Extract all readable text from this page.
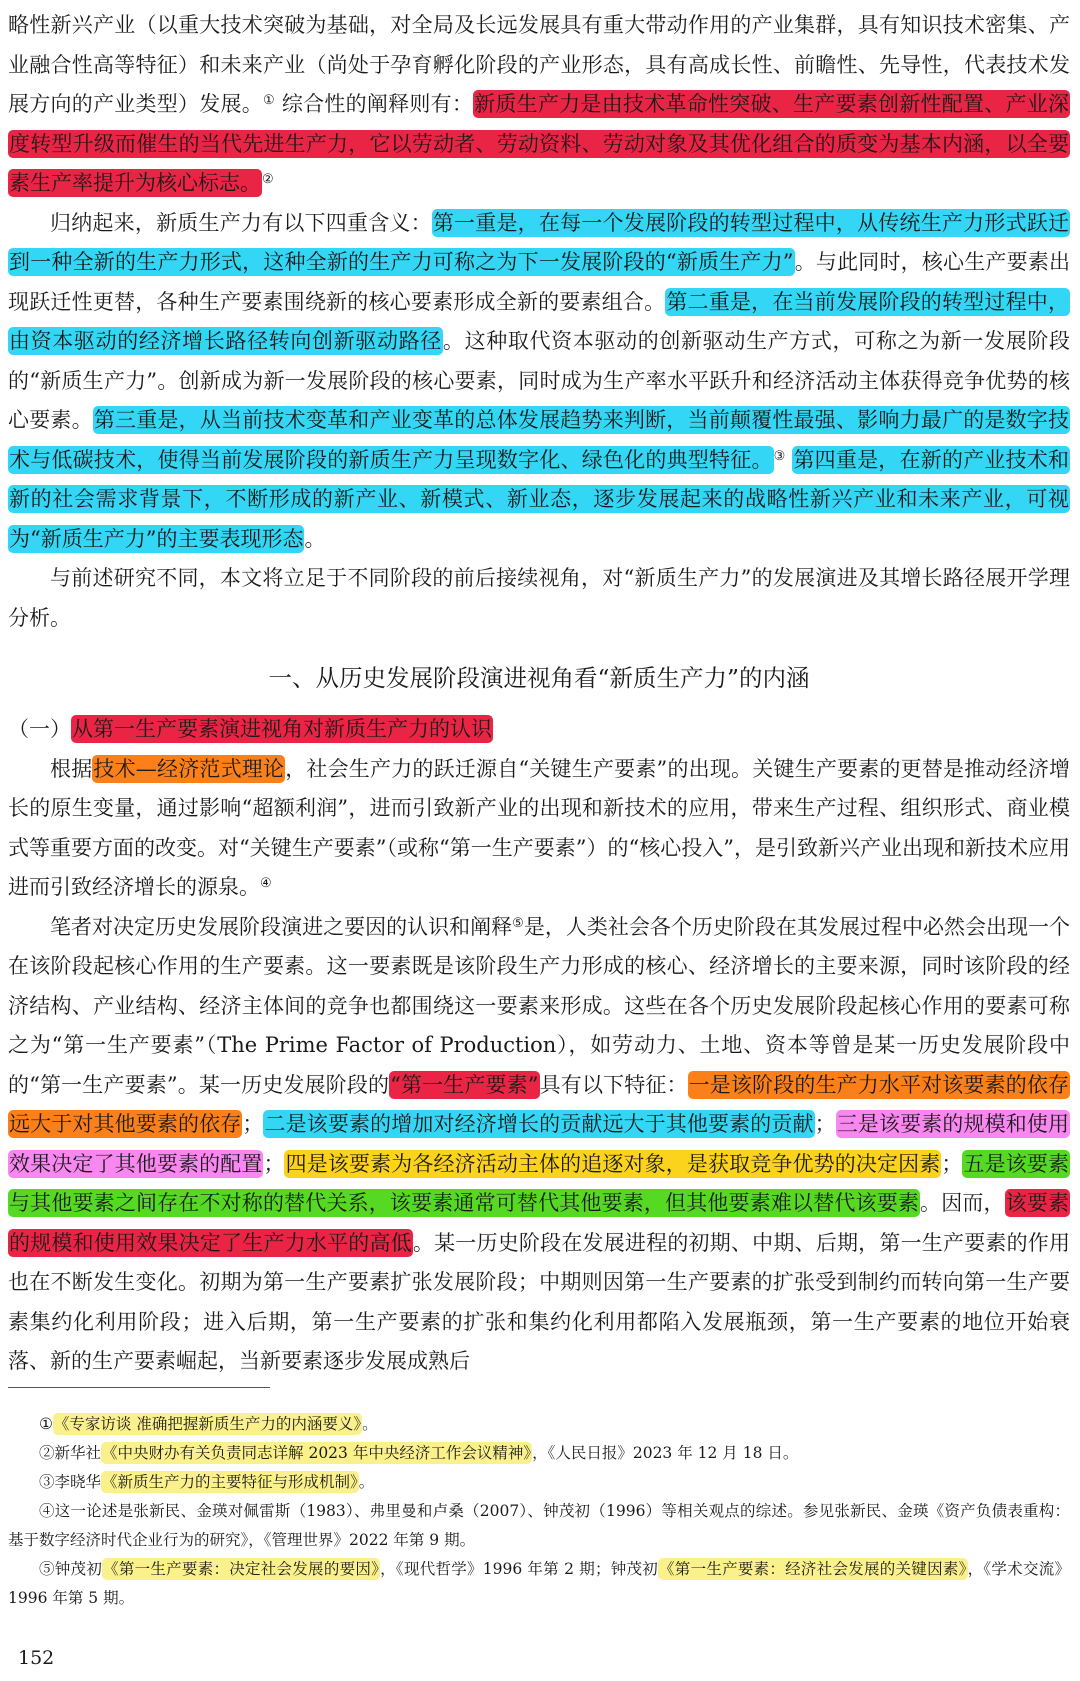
略性新兴产业（以重大技术突破为基础，对全局及长远发展具有重大带动作用的产业集群，具有知识技术密集、产业融合性高等特征）和未来产业（尚处于孕育孵化阶段的产业形态，具有高成长性、前瞻性、先导性，代表技术发展方向的产业类型）发展。① 综合性的阐释则有：新质生产力是由技术革命性突破、生产要素创新性配置、产业深度转型升级而催生的当代先进生产力，它以劳动者、劳动资料、劳动对象及其优化组合的质变为基本内涵，以全要素生产率提升为核心标志。②

归纳起来，新质生产力有以下四重含义：第一重是，在每一个发展阶段的转型过程中，从传统生产力形式跃迁到一种全新的生产力形式，这种全新的生产力可称之为下一发展阶段的“新质生产力”。与此同时，核心生产要素出现跃迁性更替，各种生产要素围绕新的核心要素形成全新的要素组合。第二重是，在当前发展阶段的转型过程中，由资本驱动的经济增长路径转向创新驱动路径。这种取代资本驱动的创新驱动生产方式，可称之为新一发展阶段的“新质生产力”。创新成为新一发展阶段的核心要素，同时成为生产率水平跃升和经济活动主体获得竞争优势的核心要素。第三重是，从当前技术变革和产业变革的总体发展趋势来判断，当前颠覆性最强、影响力最广的是数字技术与低碳技术，使得当前发展阶段的新质生产力呈现数字化、绿色化的典型特征。③ 第四重是，在新的产业技术和新的社会需求背景下，不断形成的新产业、新模式、新业态，逐步发展起来的战略性新兴产业和未来产业，可视为“新质生产力”的主要表现形态。

与前述研究不同，本文将立足于不同阶段的前后接续视角，对“新质生产力”的发展演进及其增长路径展开学理分析。

一、从历史发展阶段演进视角看“新质生产力”的内涵

（一）从第一生产要素演进视角对新质生产力的认识

根据技术—经济范式理论，社会生产力的跃迁源自“关键生产要素”的出现。关键生产要素的更替是推动经济增长的原生变量，通过影响“超额利润”，进而引致新产业的出现和新技术的应用，带来生产过程、组织形式、商业模式等重要方面的改变。对“关键生产要素”（或称“第一生产要素”）的“核心投入”，是引致新兴产业出现和新技术应用进而引致经济增长的源泉。④

笔者对决定历史发展阶段演进之要因的认识和阐释⑤是，人类社会各个历史阶段在其发展过程中必然会出现一个在该阶段起核心作用的生产要素。这一要素既是该阶段生产力形成的核心、经济增长的主要来源，同时该阶段的经济结构、产业结构、经济主体间的竞争也都围绕这一要素来形成。这些在各个历史发展阶段起核心作用的要素可称之为“第一生产要素”（The Prime Factor of Production），如劳动力、土地、资本等曾是某一历史发展阶段中的“第一生产要素”。某一历史发展阶段的“第一生产要素”具有以下特征：一是该阶段的生产力水平对该要素的依存远大于对其他要素的依存；二是该要素的增加对经济增长的贡献远大于其他要素的贡献；三是该要素的规模和使用效果决定了其他要素的配置；四是该要素为各经济活动主体的追逐对象，是获取竞争优势的决定因素；五是该要素与其他要素之间存在不对称的替代关系，该要素通常可替代其他要素，但其他要素难以替代该要素。因而，该要素的规模和使用效果决定了生产力水平的高低。某一历史阶段在发展进程的初期、中期、后期，第一生产要素的作用也在不断发生变化。初期为第一生产要素扩张发展阶段；中期则因第一生产要素的扩张受到制约而转向第一生产要素集约化利用阶段；进入后期，第一生产要素的扩张和集约化利用都陷入发展瓶颈，第一生产要素的地位开始衰落、新的生产要素崛起，当新要素逐步发展成熟后

①《专家访谈 准确把握新质生产力的内涵要义》。

②新华社《中央财办有关负责同志详解 2023 年中央经济工作会议精神》，《人民日报》2023 年 12 月 18 日。

③李晓华《新质生产力的主要特征与形成机制》。

④这一论述是张新民、金瑛对佩雷斯（1983）、弗里曼和卢桑（2007）、钟茂初（1996）等相关观点的综述。参见张新民、金瑛《资产负债表重构：基于数字经济时代企业行为的研究》，《管理世界》2022 年第 9 期。

⑤钟茂初《第一生产要素：决定社会发展的要因》，《现代哲学》1996 年第 2 期；钟茂初《第一生产要素：经济社会发展的关键因素》，《学术交流》1996 年第 5 期。

152
